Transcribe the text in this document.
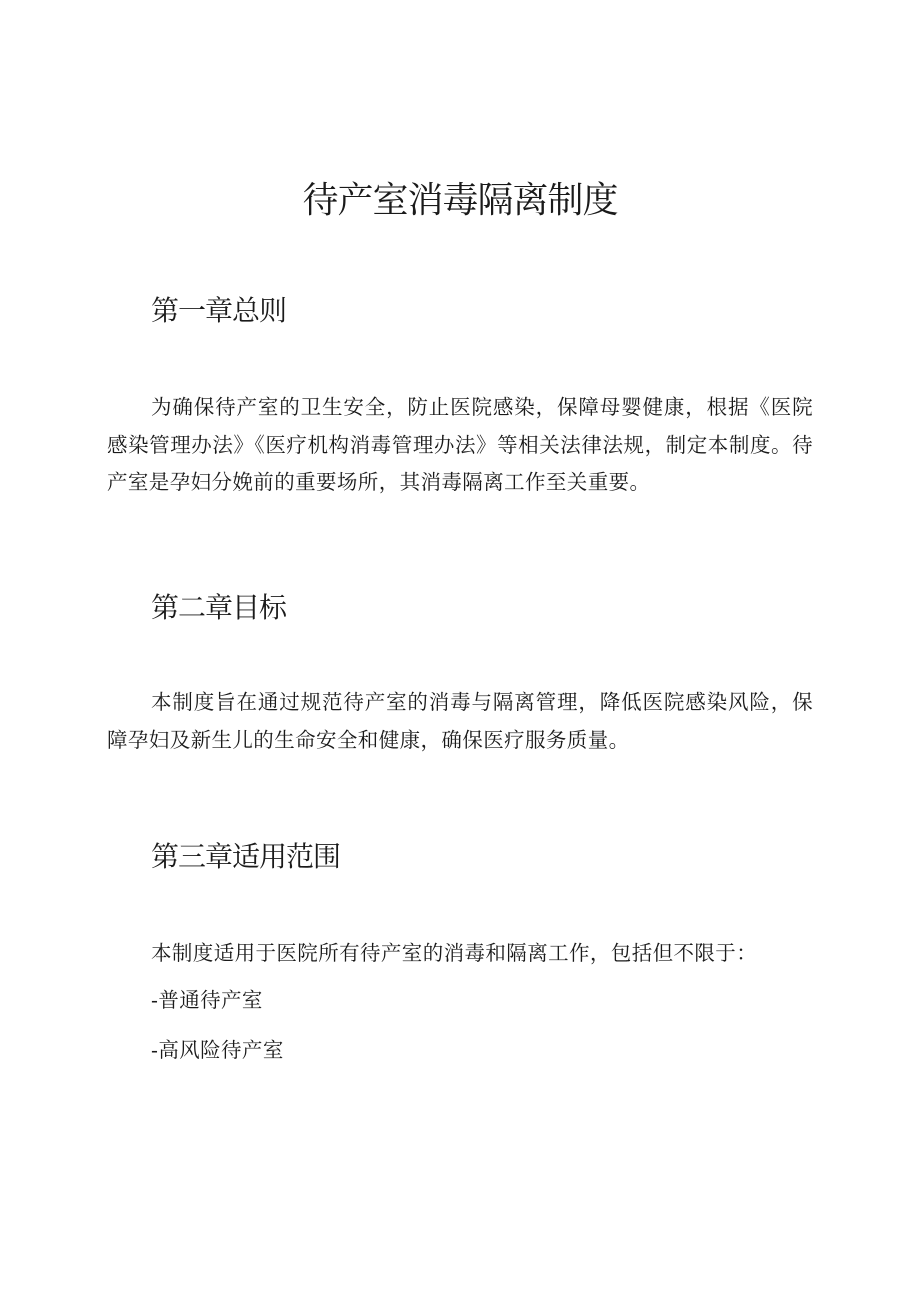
待产室消毒隔离制度
第一章总则

为确保待产室的卫生安全，防止医院感染，保障母婴健康，根据《医院感染管理办法》《医疗机构消毒管理办法》等相关法律法规，制定本制度。待产室是孕妇分娩前的重要场所，其消毒隔离工作至关重要。

第二章目标

本制度旨在通过规范待产室的消毒与隔离管理，降低医院感染风险，保障孕妇及新生儿的生命安全和健康，确保医疗服务质量。

第三章适用范围

本制度适用于医院所有待产室的消毒和隔离工作，包括但不限于：

-普通待产室

-高风险待产室
